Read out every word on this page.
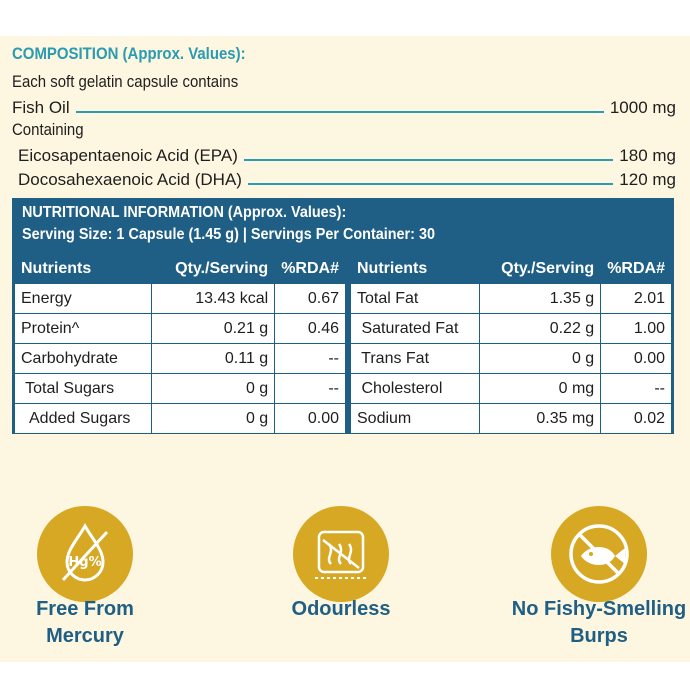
COMPOSITION (Approx. Values):
Each soft gelatin capsule contains
Fish Oil	1000 mg
Containing
Eicosapentaenoic Acid (EPA)	180 mg
Docosahexaenoic Acid (DHA)	120 mg
NUTRITIONAL INFORMATION (Approx. Values):
Serving Size: 1 Capsule (1.45 g) | Servings Per Container: 30
Nutrients	Qty./Serving	%RDA#
Energy	13.43 kcal	0.67
Protein^	0.21 g	0.46
Carbohydrate	0.11 g	--
Total Sugars	0 g	--
Added Sugars	0 g	0.00
Nutrients	Qty./Serving	%RDA#
Total Fat	1.35 g	2.01
Saturated Fat	0.22 g	1.00
Trans Fat	0 g	0.00
Cholesterol	0 mg	--
Sodium	0.35 mg	0.02
Hg%
Free From
Mercury
Odourless	No Fishy-Smelling
Burps
